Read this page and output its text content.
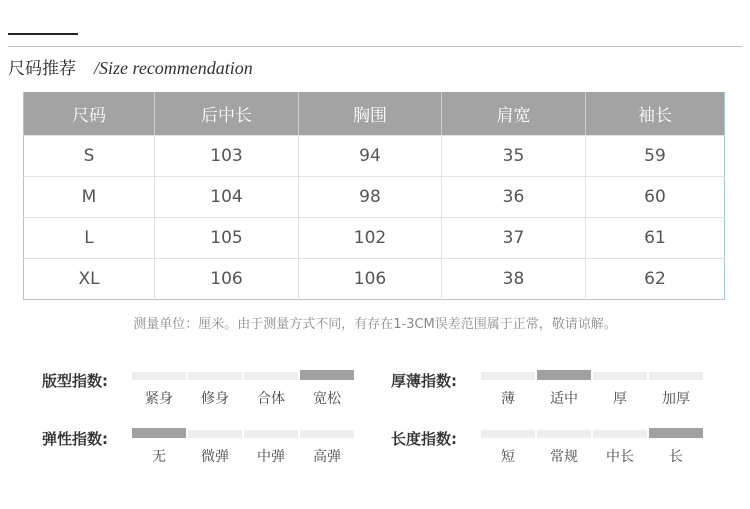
尺码推荐 /Size recommendation
尺码	后中长	胸围	肩宽	袖长
S	103	94	35	59
M	104	98	36	60
L	105	102	37	61
XL	106	106	38	62
测量单位：厘米。由于测量方式不同，有存在1-3CM误差范围属于正常，敬请谅解。
版型指数:
紧身	修身	合体	宽松
厚薄指数:
薄	适中	厚	加厚
弹性指数:
无	微弹	中弹	高弹
长度指数:
短	常规	中长	长
